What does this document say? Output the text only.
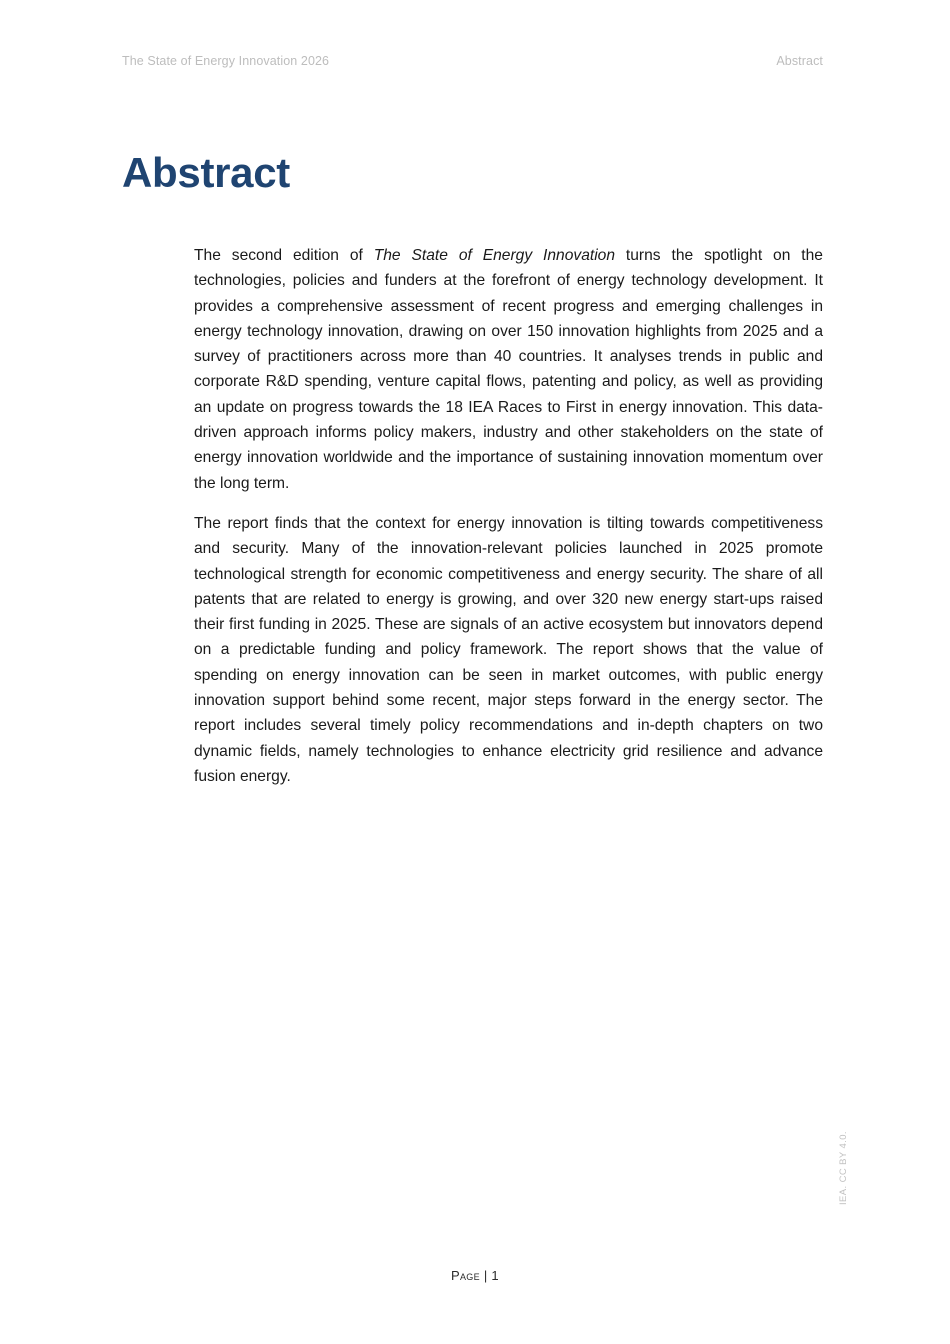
The State of Energy Innovation 2026	Abstract
Abstract

The second edition of The State of Energy Innovation turns the spotlight on the technologies, policies and funders at the forefront of energy technology development. It provides a comprehensive assessment of recent progress and emerging challenges in energy technology innovation, drawing on over 150 innovation highlights from 2025 and a survey of practitioners across more than 40 countries. It analyses trends in public and corporate R&D spending, venture capital flows, patenting and policy, as well as providing an update on progress towards the 18 IEA Races to First in energy innovation. This data-driven approach informs policy makers, industry and other stakeholders on the state of energy innovation worldwide and the importance of sustaining innovation momentum over the long term.

The report finds that the context for energy innovation is tilting towards competitiveness and security. Many of the innovation-relevant policies launched in 2025 promote technological strength for economic competitiveness and energy security. The share of all patents that are related to energy is growing, and over 320 new energy start-ups raised their first funding in 2025. These are signals of an active ecosystem but innovators depend on a predictable funding and policy framework. The report shows that the value of spending on energy innovation can be seen in market outcomes, with public energy innovation support behind some recent, major steps forward in the energy sector. The report includes several timely policy recommendations and in-depth chapters on two dynamic fields, namely technologies to enhance electricity grid resilience and advance fusion energy.

Page | 1
IEA. CC BY 4.0.
